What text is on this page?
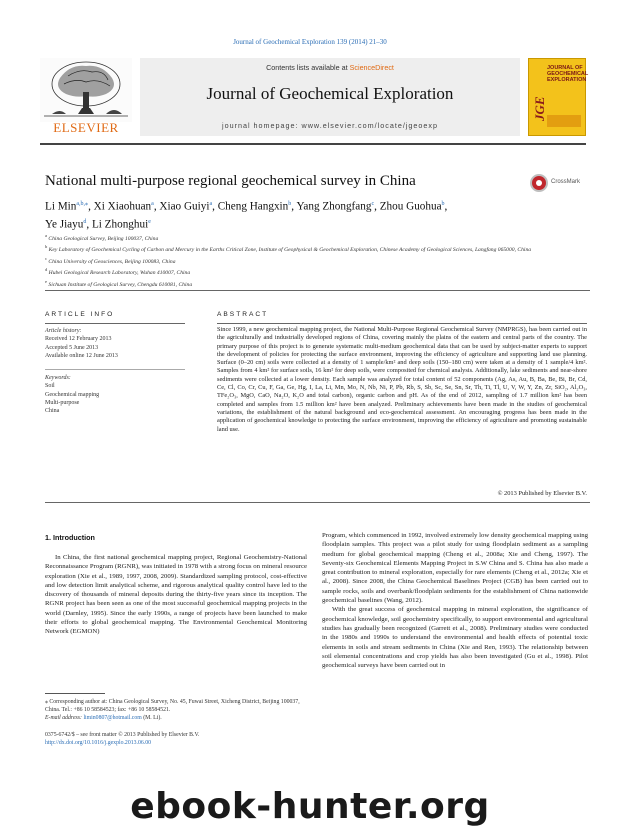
Journal of Geochemical Exploration 139 (2014) 21–30
ELSEVIER
Contents lists available at ScienceDirect
Journal of Geochemical Exploration
journal homepage: www.elsevier.com/locate/jgeoexp
JGE
JOURNAL OF GEOCHEMICAL EXPLORATION
National multi-purpose regional geochemical survey in China	CrossMark
Li Min$^{a,b,⁎}$, Xi Xiaohuan$^a$, Xiao Guiyi$^a$, Cheng Hangxin$^b$, Yang Zhongfang$^c$, Zhou Guohua$^b$,
Ye Jiayu$^d$, Li Zhonghui$^e$
$^a$ China Geological Survey, Beijing 100037, China
$^b$ Key Laboratory of Geochemical Cycling of Carbon and Mercury in the Earths Critical Zone, Institute of Geophysical & Geochemical Exploration, Chinese Academy of Geological Sciences, Langfang 065000, China
$^c$ China University of Geosciences, Beijing 100083, China
$^d$ Hubei Geological Research Laboratory, Wuhan 410007, China
$^e$ Sichuan Institute of Geological Survey, Chengdu 610081, China
ARTICLE INFO	ABSTRACT
Article history:
Received 12 February 2013
Accepted 5 June 2013
Available online 12 June 2013
Keywords:
Soil
Geochemical mapping
Multi-purpose
China
Since 1999, a new geochemical mapping project, the National Multi-Purpose Regional Geochemical Survey (NMPRGS), has been carried out in the agriculturally and industrially developed regions of China, covering mainly the plains of the eastern and central parts of the country. The primary purpose of this project is to generate systematic multi-medium geochemical data that can be used by subject-matter experts to support the development of policies for protecting the surface environment, improving the efficiency of agriculture and supporting land use planning. Surface (0–20 cm) soils were collected at a density of 1 sample/km² and deep soils (150–180 cm) were taken at a density of 1 sample/4 km². Samples from 4 km² for surface soils, 16 km² for deep soils, were composited for chemical analysis. Additionally, lake sediments and near-shore sediments were collected at a lower density. Each sample was analyzed for total content of 52 components (Ag, As, Au, B, Ba, Be, Bi, Br, Cd, Ce, Cl, Co, Cr, Cu, F, Ga, Ge, Hg, I, La, Li, Mn, Mo, N, Nb, Ni, P, Pb, Rb, S, Sb, Sc, Se, Sn, Sr, Th, Ti, Tl, U, V, W, Y, Zn, Zr, SiO₂, Al₂O₃, TFe₂O₃, MgO, CaO, Na₂O, K₂O and total carbon), organic carbon and pH. As of the end of 2012, sampling of 1.7 million km² has been completed and samples from 1.5 million km² have been analyzed. Preliminary achievements have been made in the studies of geochemical variations, the establishment of the natural background and eco-geochemical assessment. An encouraging progress has been made in the application of geochemical knowledge to protecting the surface environment, improving the efficiency of agriculture and promoting sustainable land use.
© 2013 Published by Elsevier B.V.
1. Introduction

In China, the first national geochemical mapping project, Regional Geochemistry-National Reconnaissance Program (RGNR), was initiated in 1978 with a strong focus on mineral resource exploration (Xie et al., 1989, 1997, 2008, 2009). Standardized sampling protocol, cost-effective and low detection limit analytical scheme, and rigorous analytical quality control have led to the discovery of thousands of mineral deposits during the thirty-five years since its inception. The RGNR project has been seen as one of the most successful geochemical mapping projects in the world (Darnley, 1995). Since the early 1990s, a range of projects have been launched to make their efforts to global geochemical mapping. The Environmental Geochemical Monitoring Network (EGMON)

Program, which commenced in 1992, involved extremely low density geochemical mapping using floodplain samples. This project was a pilot study for using floodplain sediment as a sampling medium for global geochemical mapping (Cheng et al., 2008a; Xie and Cheng, 1997). The Seventy-six Geochemical Elements Mapping Project in S.W China and S. China has also made a great contribution to mineral exploration, especially for rare elements (Cheng et al., 2012a; Xie et al., 2008). Since 2008, the China Geochemical Baselines Project (CGB) has been carried out to sample rocks, soils and overbank/floodplain sediments for the establishment of China nationwide geochemical baselines (Wang, 2012).

With the great success of geochemical mapping in mineral exploration, the significance of geochemical knowledge, soil geochemistry specifically, to support environmental and agricultural studies has gradually been recognized (Garrett et al., 2008). Preliminary studies were conducted in the 1980s and 1990s to understand the environmental and health effects of potential toxic elements in soils and stream sediments in China (Xie and Ren, 1993). The relationship between soil elemental concentrations and crop yields has also been investigated (Gu et al., 1998). Pilot geochemical surveys have been carried out in

⁎ Corresponding author at: China Geological Survey, No. 45, Fuwai Street, Xicheng District, Beijing 100037, China. Tel.: +86 10 58584523; fax: +86 10 58584521.
E-mail address: limin0807@hotmail.com (M. Li).
0375-6742/$ – see front matter © 2013 Published by Elsevier B.V.
http://dx.doi.org/10.1016/j.gexplo.2013.06.00
ebook-hunter.org
